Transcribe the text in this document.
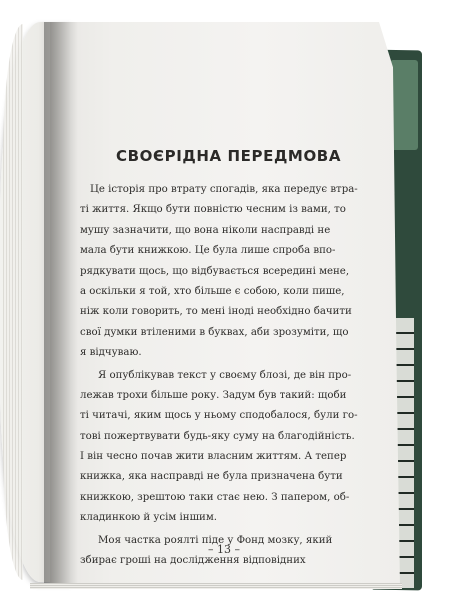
СВОЄРІДНА ПЕРЕДМОВА
Це історія про втрату спогадів, яка передує втра-
ті життя. Якщо бути повністю чесним із вами, то
мушу зазначити, що вона ніколи насправді не
мала бути книжкою. Це була лише спроба впо-
рядкувати щось, що відбувається всередині мене,
а оскільки я той, хто більше є собою, коли пише,
ніж коли говорить, то мені іноді необхідно бачити
свої думки втіленими в буквах, аби зрозуміти, що
я відчуваю.
Я опублікував текст у своєму блозі, де він про-
лежав трохи більше року. Задум був такий: щоби
ті читачі, яким щось у ньому сподобалося, були го-
тові пожертвувати будь-яку суму на благодійність.
І він чесно почав жити власним життям. А тепер
книжка, яка насправді не була призначена бути
книжкою, зрештою таки стає нею. З папером, об-
кладинкою й усім іншим.
Моя частка роялті піде у Фонд мозку, який
збирає гроші на дослідження відповідних
– 13 –
